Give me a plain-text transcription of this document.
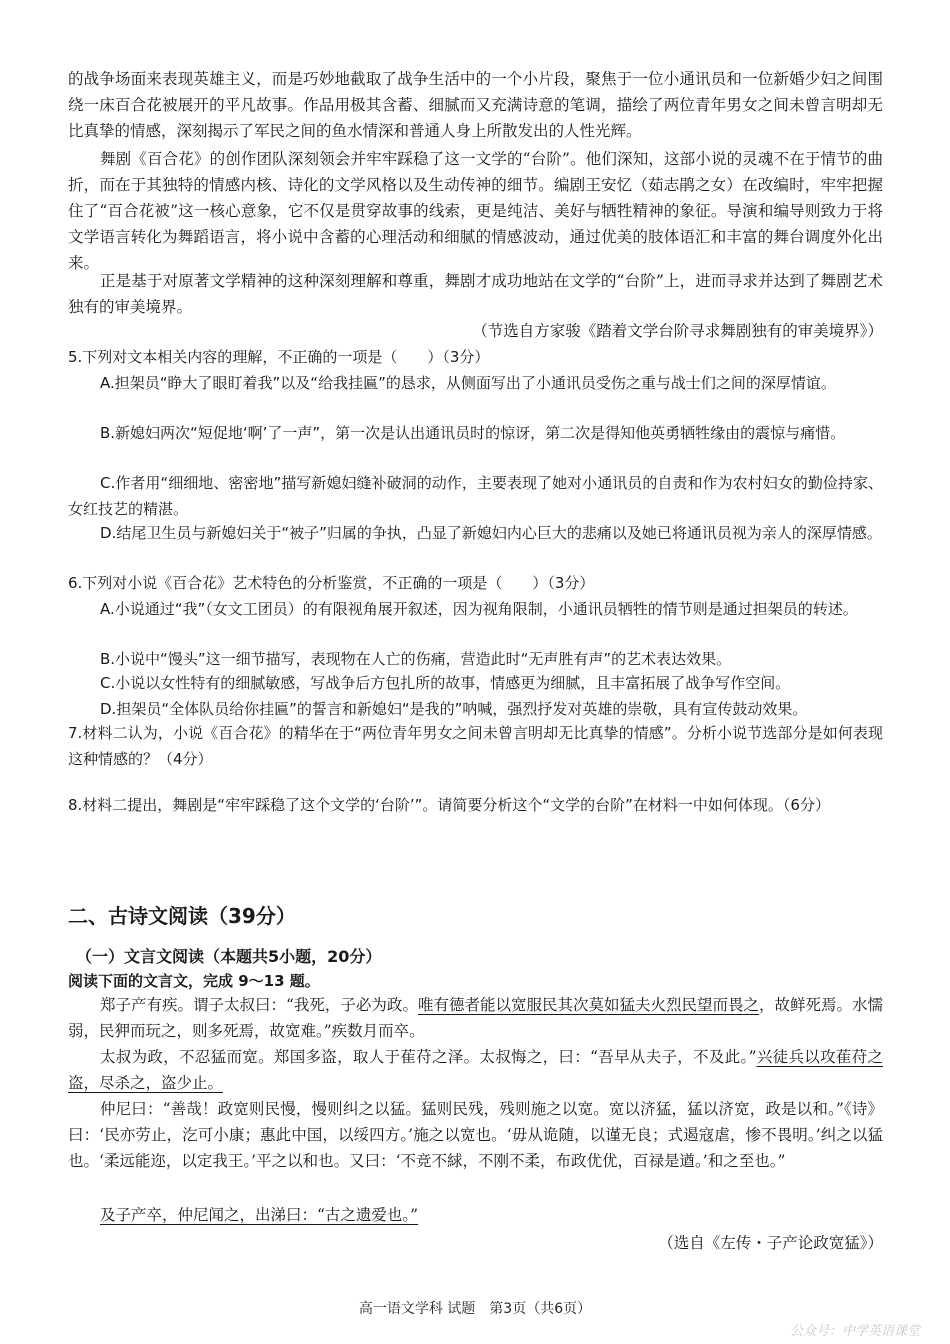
的战争场面来表现英雄主义，而是巧妙地截取了战争生活中的一个小片段，聚焦于一位小通讯员和一位新婚少妇之间围绕一床百合花被展开的平凡故事。作品用极其含蓄、细腻而又充满诗意的笔调，描绘了两位青年男女之间未曾言明却无比真挚的情感，深刻揭示了军民之间的鱼水情深和普通人身上所散发出的人性光辉。

舞剧《百合花》的创作团队深刻领会并牢牢踩稳了这一文学的“台阶”。他们深知，这部小说的灵魂不在于情节的曲折，而在于其独特的情感内核、诗化的文学风格以及生动传神的细节。编剧王安忆（茹志鹃之女）在改编时，牢牢把握住了“百合花被”这一核心意象，它不仅是贯穿故事的线索，更是纯洁、美好与牺牲精神的象征。导演和编导则致力于将文学语言转化为舞蹈语言，将小说中含蓄的心理活动和细腻的情感波动，通过优美的肢体语汇和丰富的舞台调度外化出来。

正是基于对原著文学精神的这种深刻理解和尊重，舞剧才成功地站在文学的“台阶”上，进而寻求并达到了舞剧艺术独有的审美境界。

（节选自方家骏《踏着文学台阶寻求舞剧独有的审美境界》）

5.下列对文本相关内容的理解，不正确的一项是（　　）（3分）

A.担架员“睁大了眼盯着我”以及“给我挂匾”的恳求，从侧面写出了小通讯员受伤之重与战士们之间的深厚情谊。

B.新媳妇两次“短促地‘啊’了一声”，第一次是认出通讯员时的惊讶，第二次是得知他英勇牺牲缘由的震惊与痛惜。

C.作者用“细细地、密密地”描写新媳妇缝补破洞的动作，主要表现了她对小通讯员的自责和作为农村妇女的勤俭持家、女红技艺的精湛。

D.结尾卫生员与新媳妇关于“被子”归属的争执，凸显了新媳妇内心巨大的悲痛以及她已将通讯员视为亲人的深厚情感。

6.下列对小说《百合花》艺术特色的分析鉴赏，不正确的一项是（　　）（3分）

A.小说通过“我”（女文工团员）的有限视角展开叙述，因为视角限制，小通讯员牺牲的情节则是通过担架员的转述。

B.小说中“馒头”这一细节描写，表现物在人亡的伤痛，营造此时“无声胜有声”的艺术表达效果。

C.小说以女性特有的细腻敏感，写战争后方包扎所的故事，情感更为细腻，且丰富拓展了战争写作空间。

D.担架员“全体队员给你挂匾”的誓言和新媳妇“是我的”呐喊，强烈抒发对英雄的崇敬，具有宣传鼓动效果。

7.材料二认为，小说《百合花》的精华在于“两位青年男女之间未曾言明却无比真挚的情感”。分析小说节选部分是如何表现这种情感的？（4分）

8.材料二提出，舞剧是“牢牢踩稳了这个文学的‘台阶’”。请简要分析这个“文学的台阶”在材料一中如何体现。（6分）

二、古诗文阅读（39分）
（一）文言文阅读（本题共5小题，20分）
阅读下面的文言文，完成 9～13 题。

郑子产有疾。谓子太叔曰：“我死，子必为政。唯有德者能以宽服民其次莫如猛夫火烈民望而畏之，故鲜死焉。水懦弱，民狎而玩之，则多死焉，故宽难。”疾数月而卒。

太叔为政，不忍猛而宽。郑国多盗，取人于萑苻之泽。太叔悔之，曰：“吾早从夫子，不及此。”兴徒兵以攻萑苻之盗，尽杀之，盗少止。

仲尼曰：“善哉！政宽则民慢，慢则纠之以猛。猛则民残，残则施之以宽。宽以济猛，猛以济宽，政是以和。”《诗》曰：‘民亦劳止，汔可小康；惠此中国，以绥四方。’施之以宽也。‘毋从诡随，以谨无良；式遏寇虐，惨不畏明。’纠之以猛也。‘柔远能迩，以定我王。’平之以和也。又曰：‘不竞不絿，不刚不柔，布政优优，百禄是遒。’和之至也。”

及子产卒，仲尼闻之，出涕曰：“古之遗爱也。”

（选自《左传・子产论政宽猛》）

高一语文学科 试题　第3页（共6页）
公众号：中学英语课堂
